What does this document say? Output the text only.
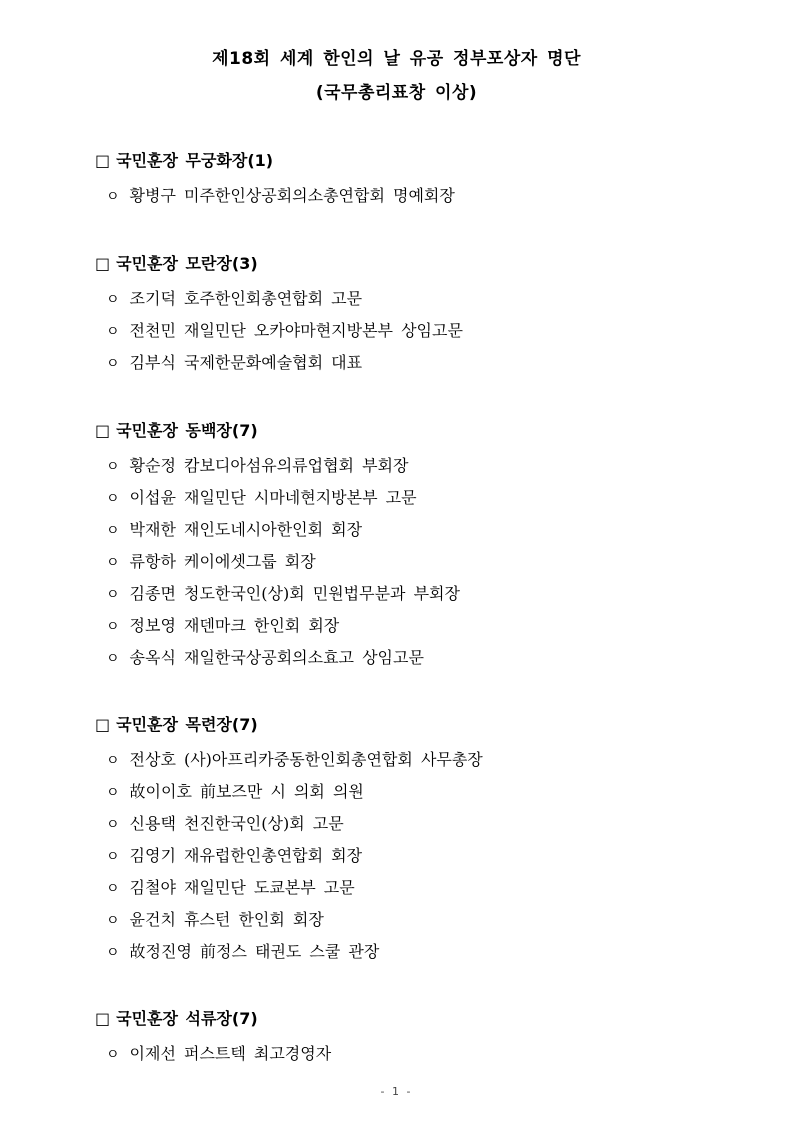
제18회 세계 한인의 날 유공 정부포상자 명단
(국무총리표창 이상)
□ 국민훈장 무궁화장(1)
ㅇ 황병구 미주한인상공회의소총연합회 명예회장
□ 국민훈장 모란장(3)
ㅇ 조기덕 호주한인회총연합회 고문
ㅇ 전천민 재일민단 오카야마현지방본부 상임고문
ㅇ 김부식 국제한문화예술협회 대표
□ 국민훈장 동백장(7)
ㅇ 황순정 캄보디아섬유의류업협회 부회장
ㅇ 이섭윤 재일민단 시마네현지방본부 고문
ㅇ 박재한 재인도네시아한인회 회장
ㅇ 류항하 케이에셋그룹 회장
ㅇ 김종면 청도한국인(상)회 민원법무분과 부회장
ㅇ 정보영 재덴마크 한인회 회장
ㅇ 송옥식 재일한국상공회의소효고 상임고문
□ 국민훈장 목련장(7)
ㅇ 전상호 (사)아프리카중동한인회총연합회 사무총장
ㅇ 故이이호 前보즈만 시 의회 의원
ㅇ 신용택 천진한국인(상)회 고문
ㅇ 김영기 재유럽한인총연합회 회장
ㅇ 김철야 재일민단 도쿄본부 고문
ㅇ 윤건치 휴스턴 한인회 회장
ㅇ 故정진영 前정스 태권도 스쿨 관장
□ 국민훈장 석류장(7)
ㅇ 이제선 퍼스트텍 최고경영자
- 1 -
